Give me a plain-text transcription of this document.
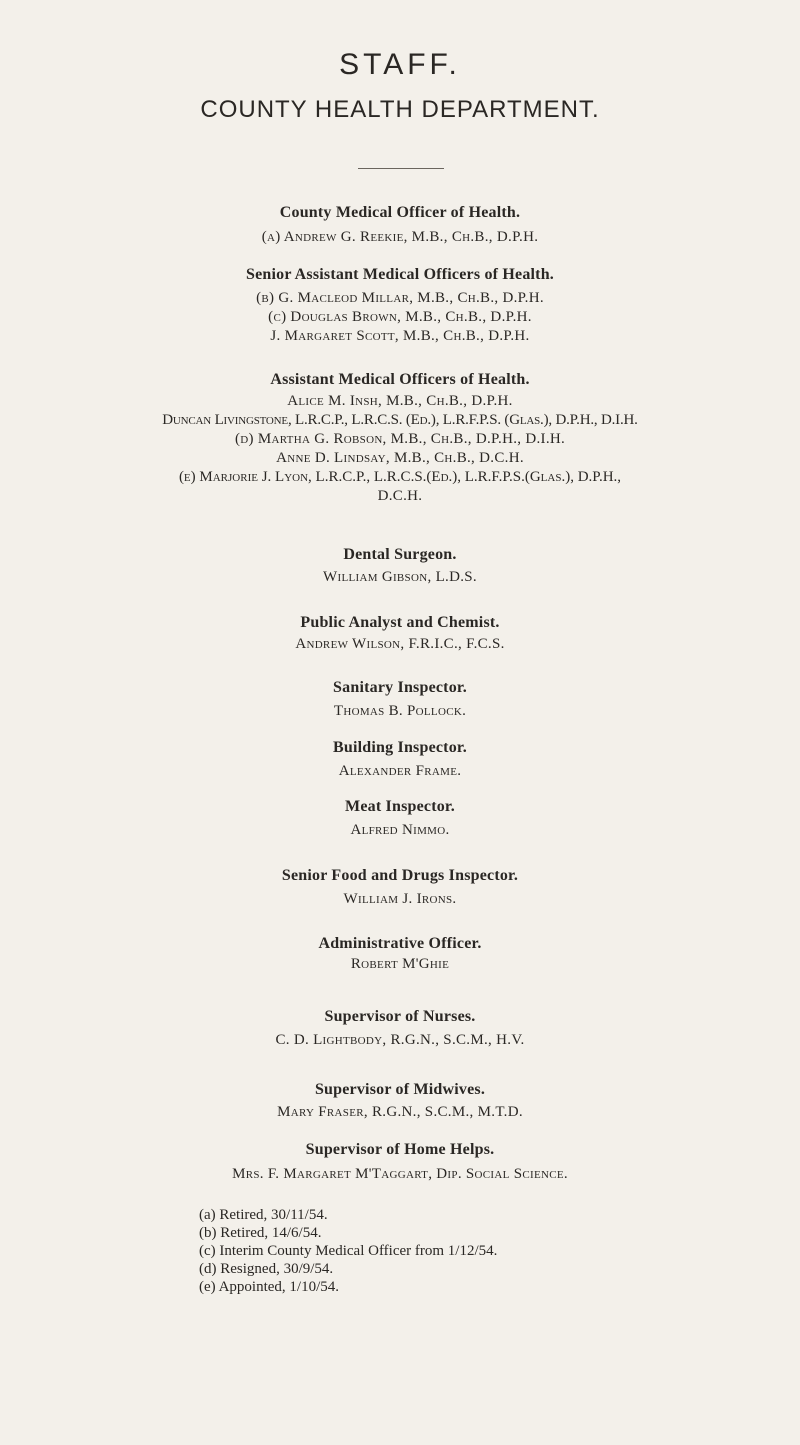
STAFF.
COUNTY HEALTH DEPARTMENT.
County Medical Officer of Health.
(a) Andrew G. Reekie, M.B., Ch.B., D.P.H.
Senior Assistant Medical Officers of Health.
(b) G. Macleod Millar, M.B., Ch.B., D.P.H.
(c) Douglas Brown, M.B., Ch.B., D.P.H.
J. Margaret Scott, M.B., Ch.B., D.P.H.
Assistant Medical Officers of Health.
Alice M. Insh, M.B., Ch.B., D.P.H.
Duncan Livingstone, L.R.C.P., L.R.C.S. (Ed.), L.R.F.P.S. (Glas.), D.P.H., D.I.H.
(d) Martha G. Robson, M.B., Ch.B., D.P.H., D.I.H.
Anne D. Lindsay, M.B., Ch.B., D.C.H.
(e) Marjorie J. Lyon, L.R.C.P., L.R.C.S.(Ed.), L.R.F.P.S.(Glas.), D.P.H.,
D.C.H.
Dental Surgeon.
William Gibson, L.D.S.
Public Analyst and Chemist.
Andrew Wilson, F.R.I.C., F.C.S.
Sanitary Inspector.
Thomas B. Pollock.
Building Inspector.
Alexander Frame.
Meat Inspector.
Alfred Nimmo.
Senior Food and Drugs Inspector.
William J. Irons.
Administrative Officer.
Robert M'Ghie
Supervisor of Nurses.
C. D. Lightbody, R.G.N., S.C.M., H.V.
Supervisor of Midwives.
Mary Fraser, R.G.N., S.C.M., M.T.D.
Supervisor of Home Helps.
Mrs. F. Margaret M'Taggart, Dip. Social Science.
(a) Retired, 30/11/54.
(b) Retired, 14/6/54.
(c) Interim County Medical Officer from 1/12/54.
(d) Resigned, 30/9/54.
(e) Appointed, 1/10/54.
